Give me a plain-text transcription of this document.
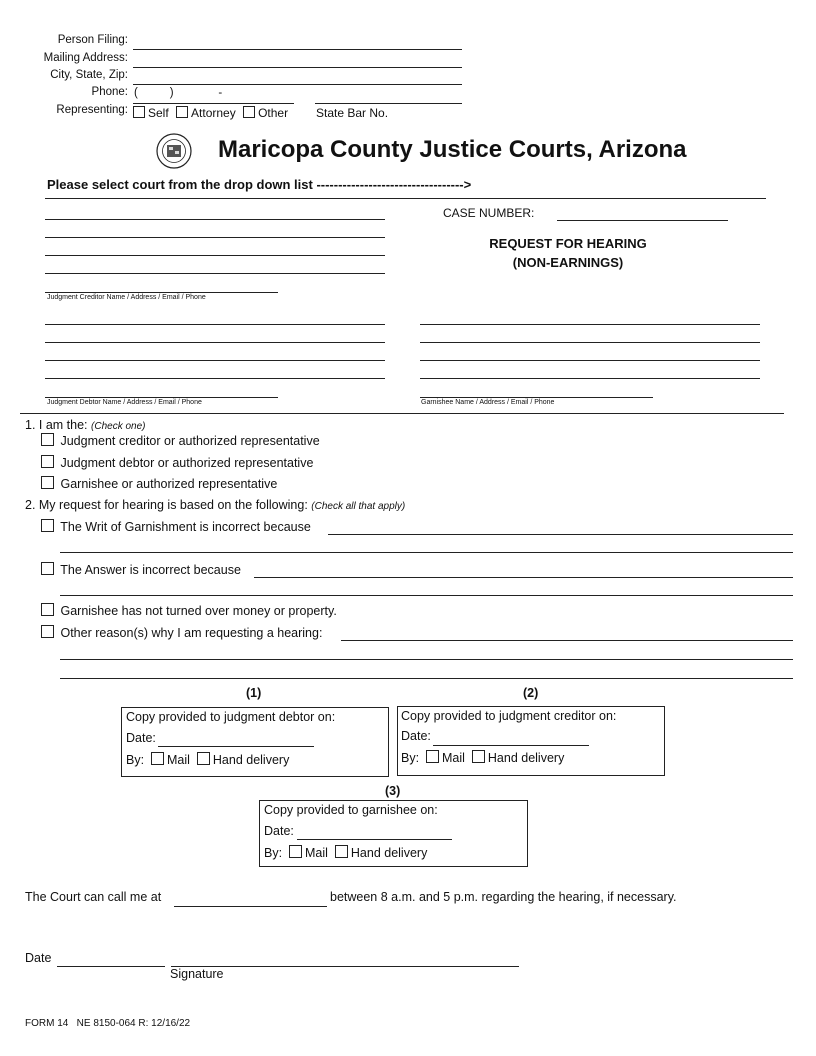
Person Filing:
Mailing Address:
City, State, Zip:
Phone:
Representing:
(          )              -
Self Attorney Other State Bar No.
Maricopa County Justice Courts, Arizona
Please select court from the drop down list ---------------------------------->
Judgment Creditor Name / Address / Email / Phone
CASE NUMBER:
REQUEST FOR HEARING
(NON-EARNINGS)
Judgment Debtor Name / Address / Email / Phone	Garnishee Name / Address / Email / Phone
1. I am the: (Check one)
Judgment creditor or authorized representative
Judgment debtor or authorized representative
Garnishee or authorized representative
2. My request for hearing is based on the following: (Check all that apply)
The Writ of Garnishment is incorrect because
The Answer is incorrect because
Garnishee has not turned over money or property.
Other reason(s) why I am requesting a hearing:
(1)	(2)
(3)
Copy provided to judgment debtor on:
Date:
By: Mail Hand delivery
Copy provided to judgment creditor on:
Date:
By: Mail Hand delivery
Copy provided to garnishee on:
Date:
By: Mail Hand delivery
The Court can call me at	between 8 a.m. and 5 p.m. regarding the hearing, if necessary.
Date
Signature
FORM 14   NE 8150-064 R: 12/16/22
